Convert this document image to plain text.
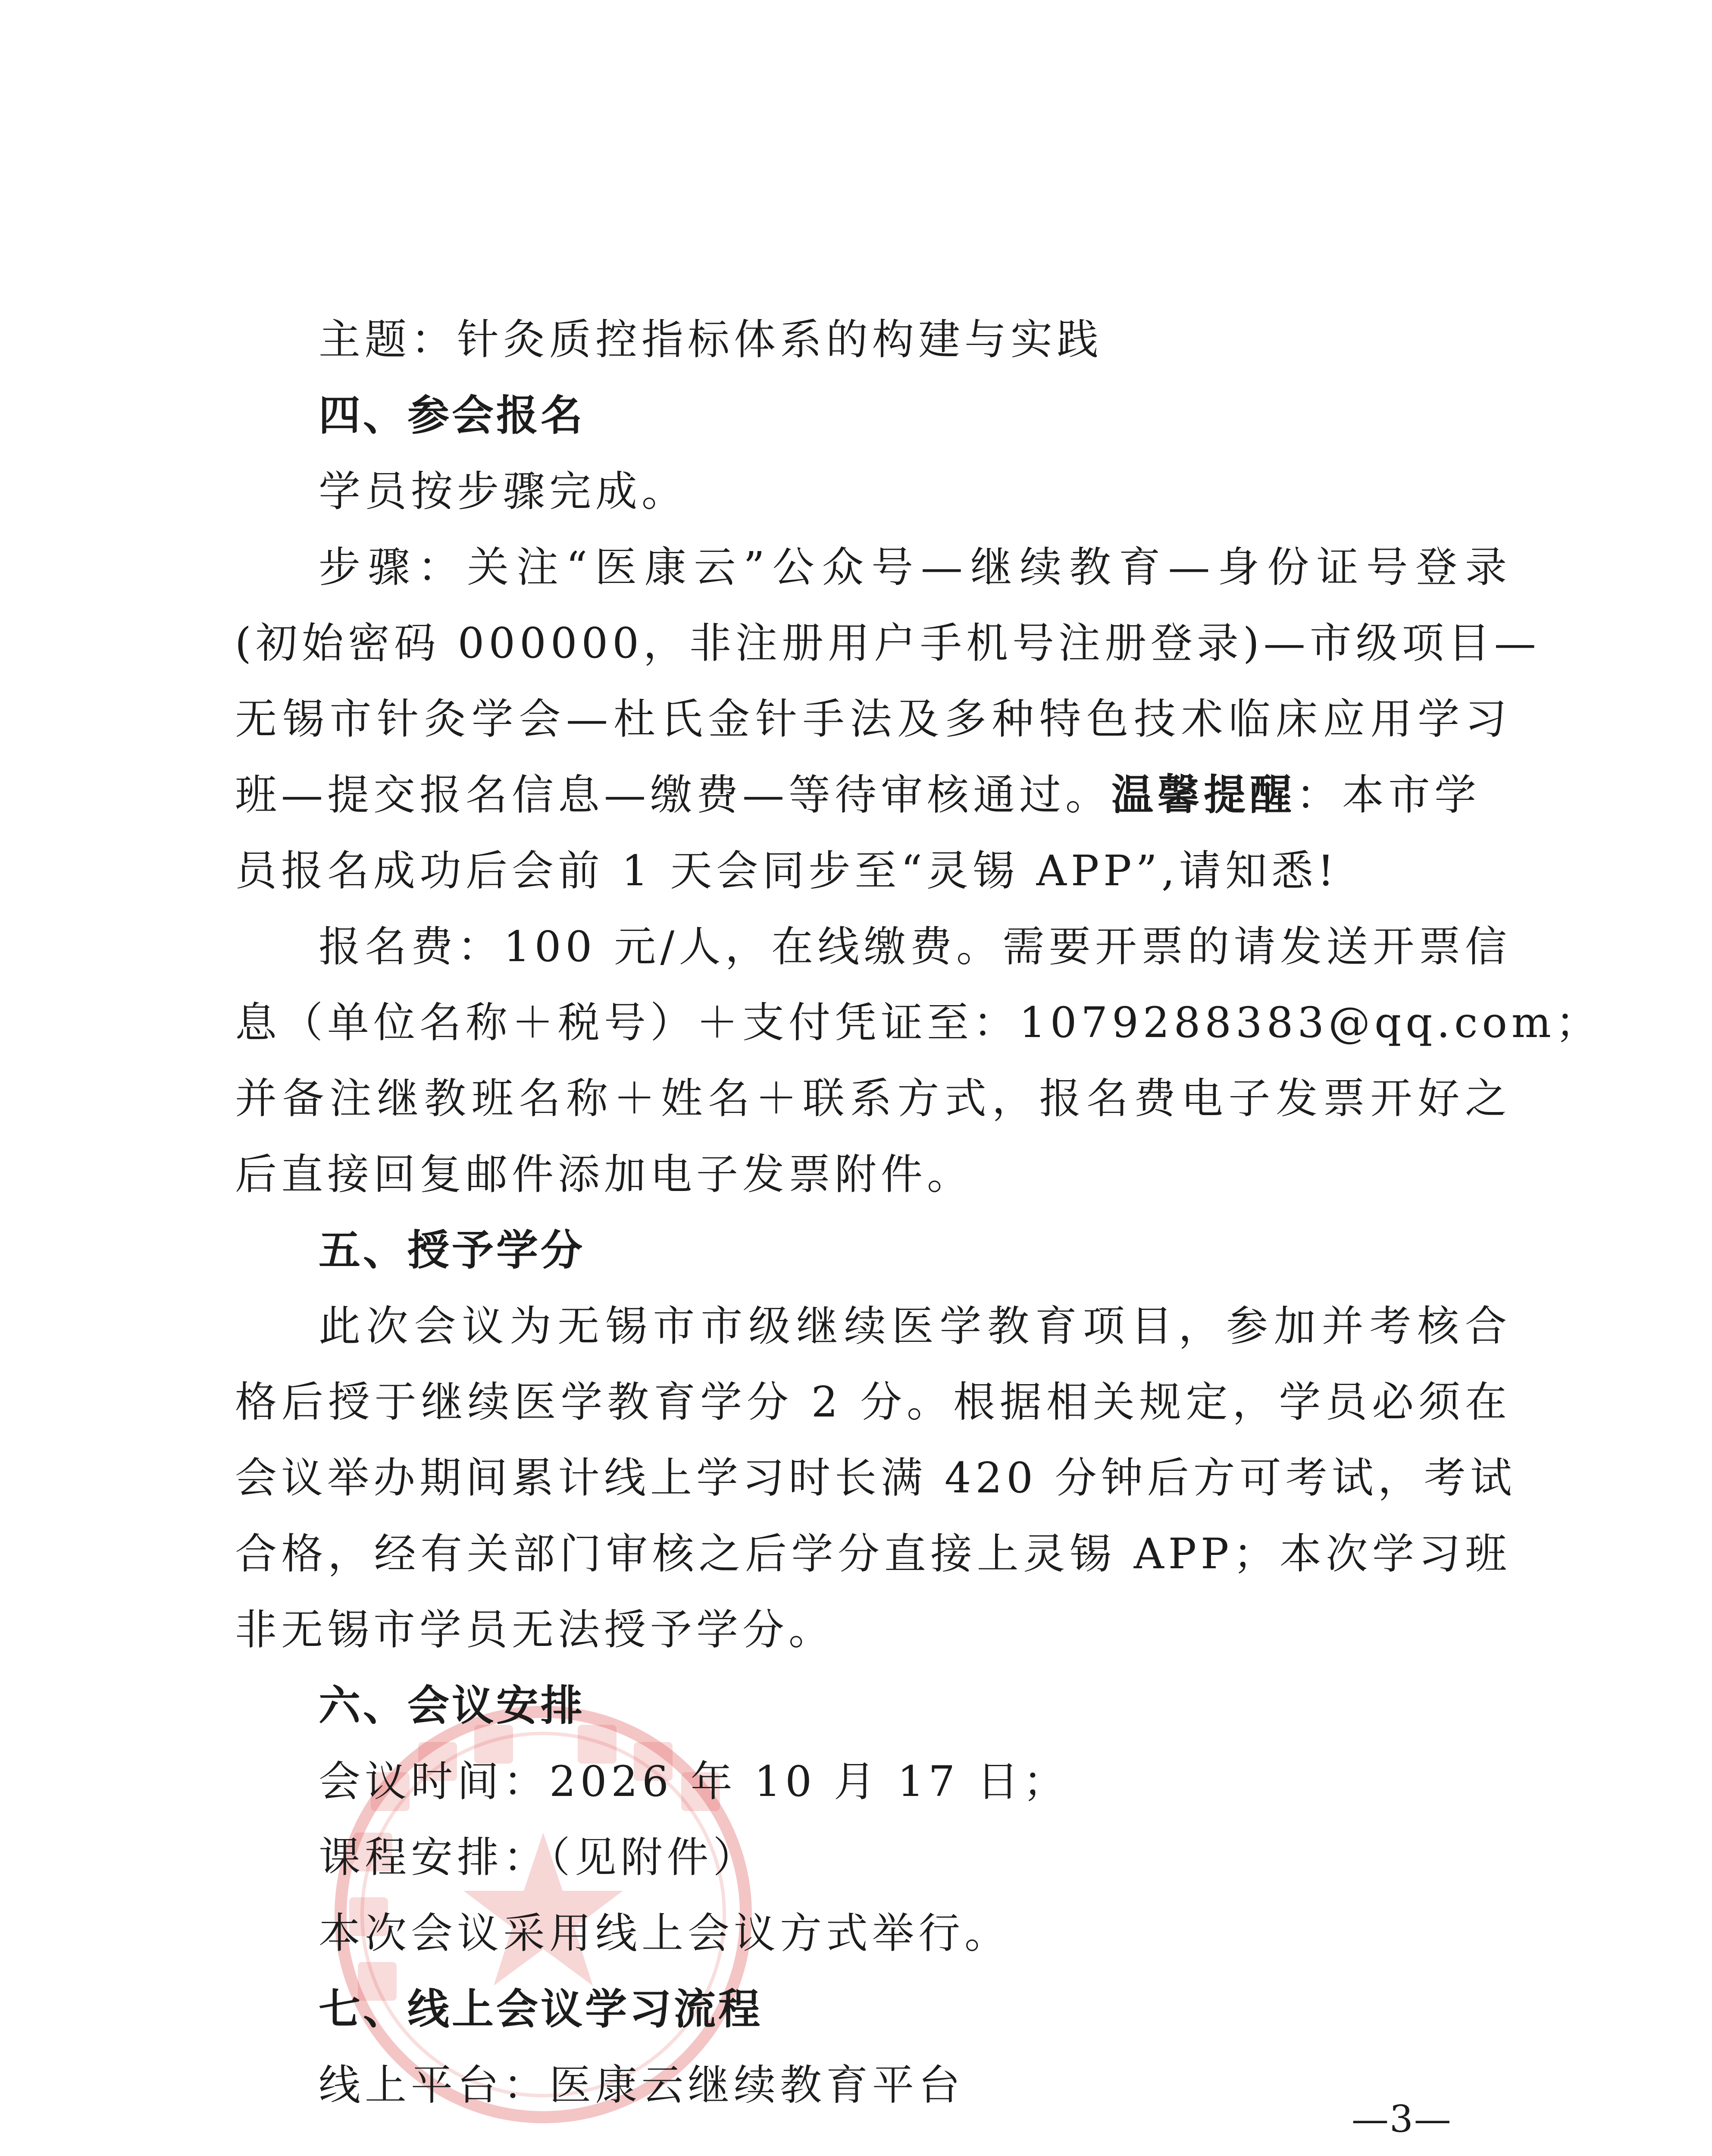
主题：针灸质控指标体系的构建与实践
四、参会报名
学员按步骤完成。
步骤：关注“医康云”公众号—继续教育—身份证号登录
(初始密码 000000，非注册用户手机号注册登录)—市级项目—
无锡市针灸学会—杜氏金针手法及多种特色技术临床应用学习
班—提交报名信息—缴费—等待审核通过。温馨提醒：本市学
员报名成功后会前 1 天会同步至“灵锡 APP”,请知悉!
报名费：100 元/人，在线缴费。需要开票的请发送开票信
息（单位名称＋税号）＋支付凭证至：1079288383@qq.com；
并备注继教班名称＋姓名＋联系方式，报名费电子发票开好之
后直接回复邮件添加电子发票附件。
五、授予学分
此次会议为无锡市市级继续医学教育项目，参加并考核合
格后授于继续医学教育学分 2 分。根据相关规定，学员必须在
会议举办期间累计线上学习时长满 420 分钟后方可考试，考试
合格，经有关部门审核之后学分直接上灵锡 APP；本次学习班
非无锡市学员无法授予学分。
六、会议安排
会议时间：2026 年 10 月 17 日；
课程安排：（见附件）
本次会议采用线上会议方式举行。
七、线上会议学习流程
线上平台：医康云继续教育平台
—3—
